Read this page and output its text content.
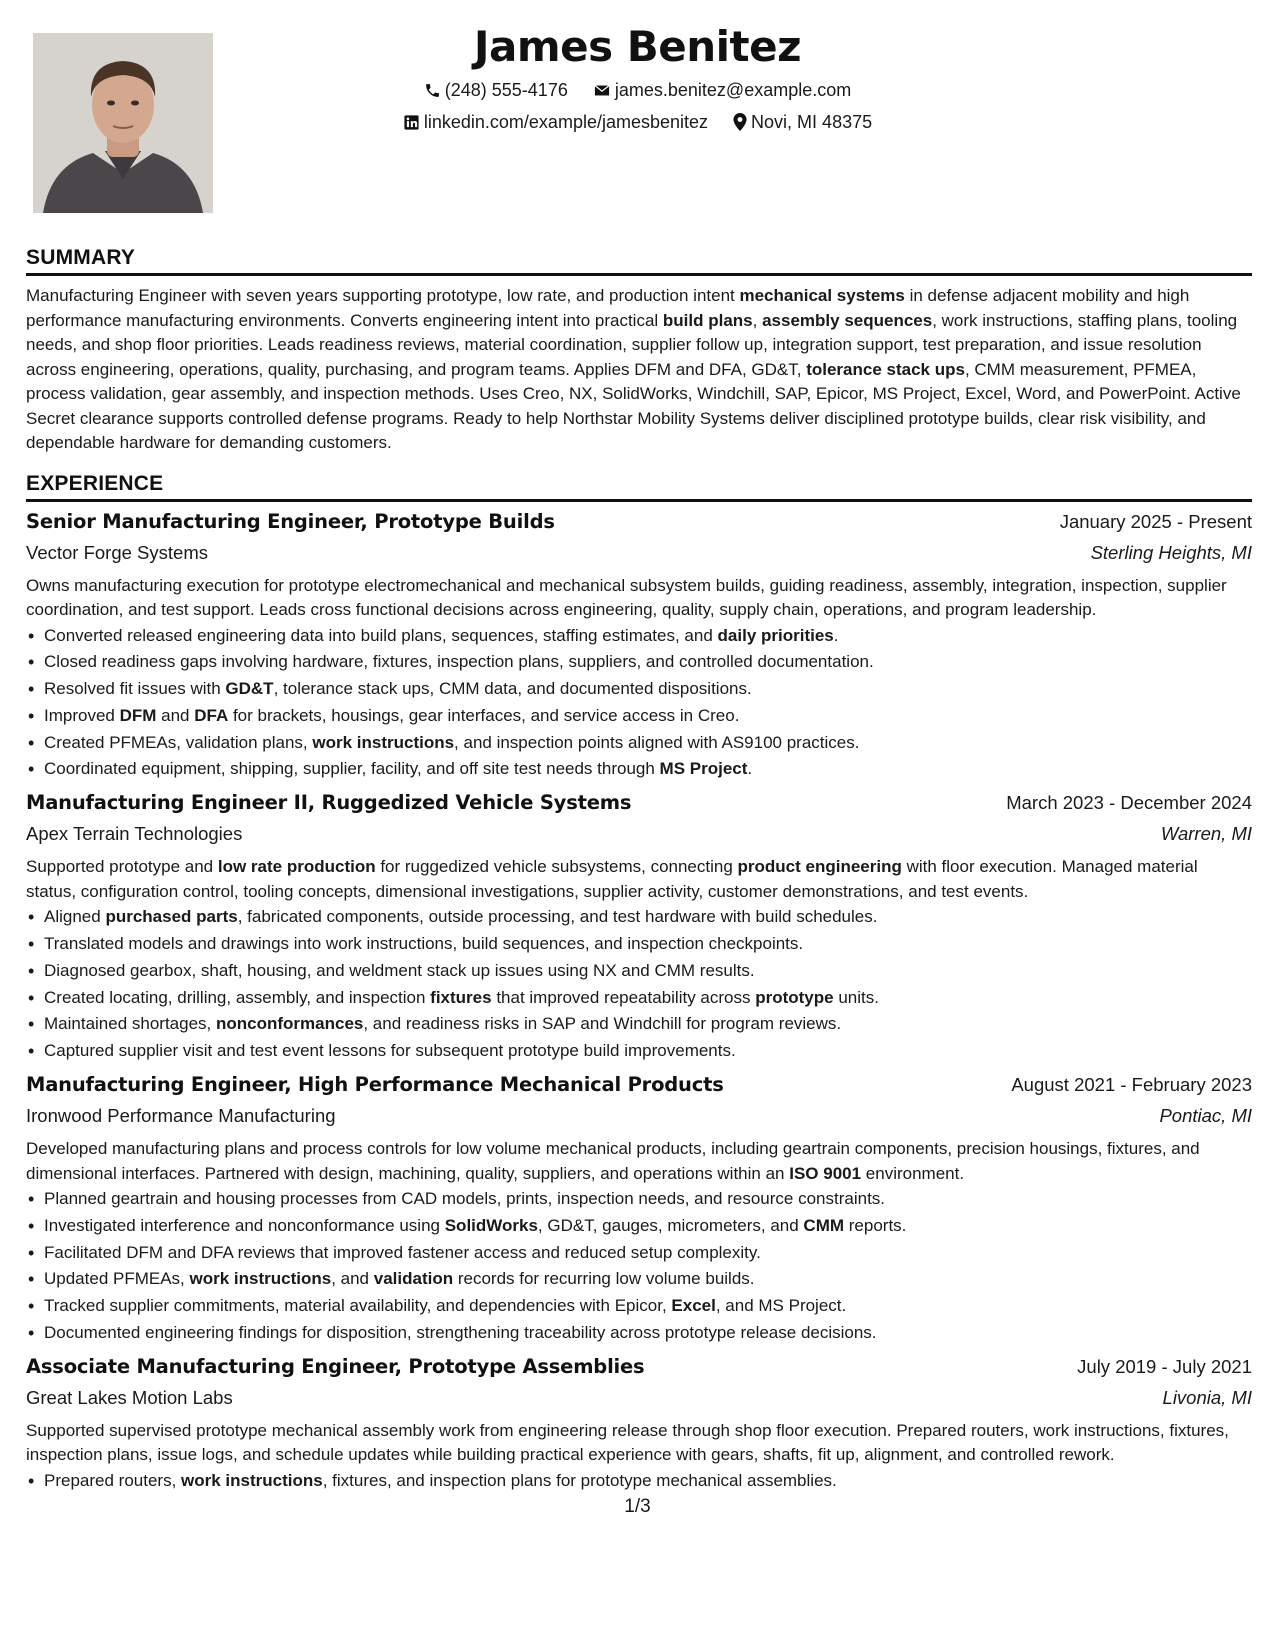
James Benitez
(248) 555-4176	james.benitez@example.com
linkedin.com/example/jamesbenitez Novi, MI 48375
SUMMARY

Manufacturing Engineer with seven years supporting prototype, low rate, and production intent mechanical systems in defense adjacent mobility and high performance manufacturing environments. Converts engineering intent into practical build plans, assembly sequences, work instructions, staffing plans, tooling needs, and shop floor priorities. Leads readiness reviews, material coordination, supplier follow up, integration support, test preparation, and issue resolution across engineering, operations, quality, purchasing, and program teams. Applies DFM and DFA, GD&T, tolerance stack ups, CMM measurement, PFMEA, process validation, gear assembly, and inspection methods. Uses Creo, NX, SolidWorks, Windchill, SAP, Epicor, MS Project, Excel, Word, and PowerPoint. Active Secret clearance supports controlled defense programs. Ready to help Northstar Mobility Systems deliver disciplined prototype builds, clear risk visibility, and dependable hardware for demanding customers.

EXPERIENCE
Senior Manufacturing Engineer, Prototype Builds	January 2025 - Present
Vector Forge Systems	Sterling Heights, MI

Owns manufacturing execution for prototype electromechanical and mechanical subsystem builds, guiding readiness, assembly, integration, inspection, supplier coordination, and test support. Leads cross functional decisions across engineering, quality, supply chain, operations, and program leadership.

• Converted released engineering data into build plans, sequences, staffing estimates, and daily priorities.
• Closed readiness gaps involving hardware, fixtures, inspection plans, suppliers, and controlled documentation.
• Resolved fit issues with GD&T, tolerance stack ups, CMM data, and documented dispositions.
• Improved DFM and DFA for brackets, housings, gear interfaces, and service access in Creo.
• Created PFMEAs, validation plans, work instructions, and inspection points aligned with AS9100 practices.
• Coordinated equipment, shipping, supplier, facility, and off site test needs through MS Project.
Manufacturing Engineer II, Ruggedized Vehicle Systems	March 2023 - December 2024
Apex Terrain Technologies	Warren, MI

Supported prototype and low rate production for ruggedized vehicle subsystems, connecting product engineering with floor execution. Managed material status, configuration control, tooling concepts, dimensional investigations, supplier activity, customer demonstrations, and test events.

• Aligned purchased parts, fabricated components, outside processing, and test hardware with build schedules.
• Translated models and drawings into work instructions, build sequences, and inspection checkpoints.
• Diagnosed gearbox, shaft, housing, and weldment stack up issues using NX and CMM results.
• Created locating, drilling, assembly, and inspection fixtures that improved repeatability across prototype units.
• Maintained shortages, nonconformances, and readiness risks in SAP and Windchill for program reviews.
• Captured supplier visit and test event lessons for subsequent prototype build improvements.
Manufacturing Engineer, High Performance Mechanical Products	August 2021 - February 2023
Ironwood Performance Manufacturing	Pontiac, MI

Developed manufacturing plans and process controls for low volume mechanical products, including geartrain components, precision housings, fixtures, and dimensional interfaces. Partnered with design, machining, quality, suppliers, and operations within an ISO 9001 environment.

• Planned geartrain and housing processes from CAD models, prints, inspection needs, and resource constraints.
• Investigated interference and nonconformance using SolidWorks, GD&T, gauges, micrometers, and CMM reports.
• Facilitated DFM and DFA reviews that improved fastener access and reduced setup complexity.
• Updated PFMEAs, work instructions, and validation records for recurring low volume builds.
• Tracked supplier commitments, material availability, and dependencies with Epicor, Excel, and MS Project.
• Documented engineering findings for disposition, strengthening traceability across prototype release decisions.
Associate Manufacturing Engineer, Prototype Assemblies	July 2019 - July 2021
Great Lakes Motion Labs	Livonia, MI

Supported supervised prototype mechanical assembly work from engineering release through shop floor execution. Prepared routers, work instructions, fixtures, inspection plans, issue logs, and schedule updates while building practical experience with gears, shafts, fit up, alignment, and controlled rework.

• Prepared routers, work instructions, fixtures, and inspection plans for prototype mechanical assemblies.
1/3
